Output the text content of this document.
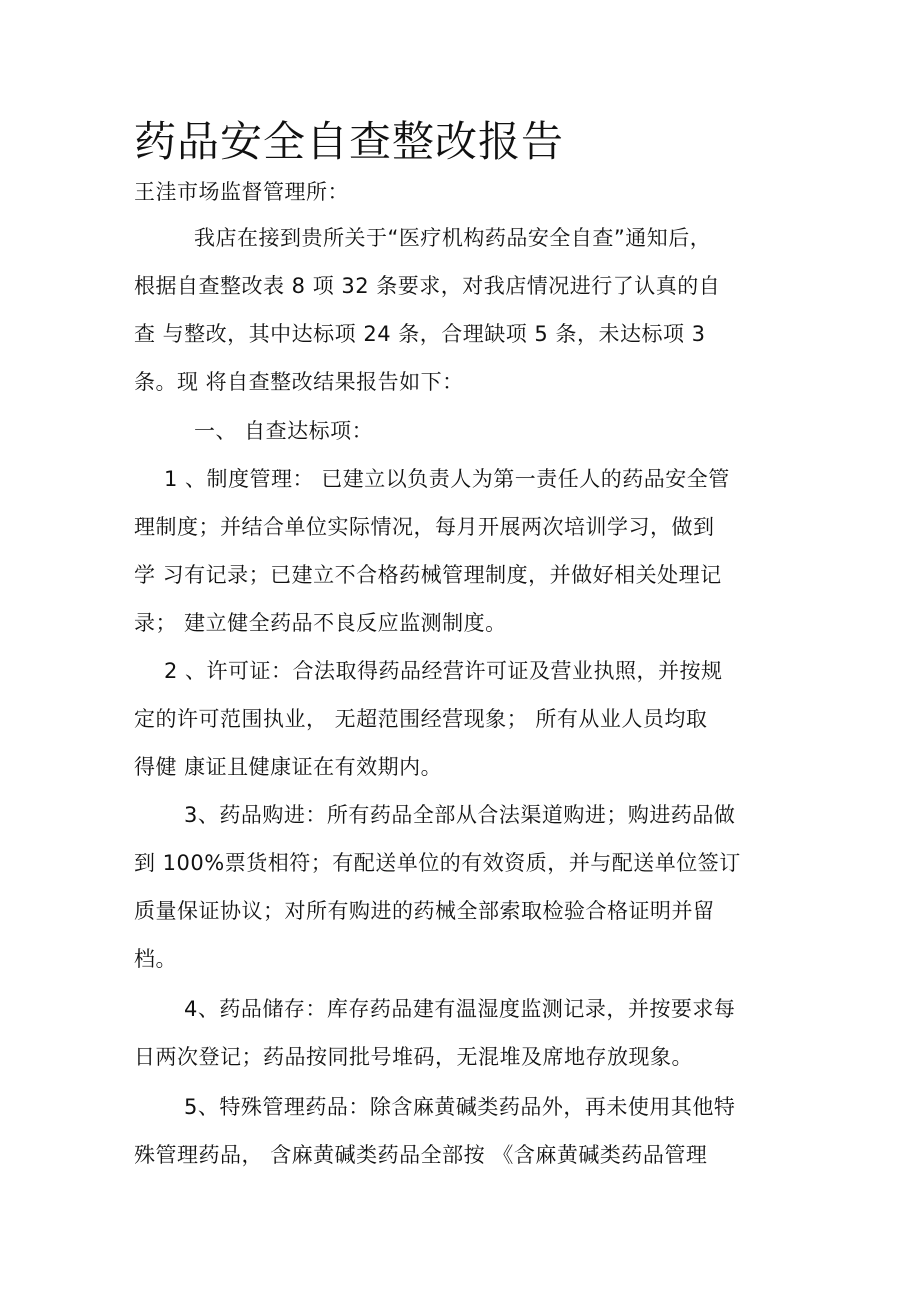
药品安全自查整改报告
王洼市场监督管理所：
我店在接到贵所关于“医疗机构药品安全自查”通知后，
根据自查整改表 8 项 32 条要求，对我店情况进行了认真的自
查 与整改，其中达标项 24 条，合理缺项 5 条，未达标项 3
条。现 将自查整改结果报告如下：
一、 自查达标项：
1 、制度管理： 已建立以负责人为第一责任人的药品安全管
理制度；并结合单位实际情况，每月开展两次培训学习，做到
学 习有记录；已建立不合格药械管理制度，并做好相关处理记
录； 建立健全药品不良反应监测制度。
2 、许可证：合法取得药品经营许可证及营业执照，并按规
定的许可范围执业， 无超范围经营现象； 所有从业人员均取
得健 康证且健康证在有效期内。
3、药品购进：所有药品全部从合法渠道购进；购进药品做
到 100%票货相符；有配送单位的有效资质，并与配送单位签订
质量保证协议；对所有购进的药械全部索取检验合格证明并留
档。
4、药品储存：库存药品建有温湿度监测记录，并按要求每
日两次登记；药品按同批号堆码，无混堆及席地存放现象。
5、特殊管理药品：除含麻黄碱类药品外，再未使用其他特
殊管理药品， 含麻黄碱类药品全部按 《含麻黄碱类药品管理
